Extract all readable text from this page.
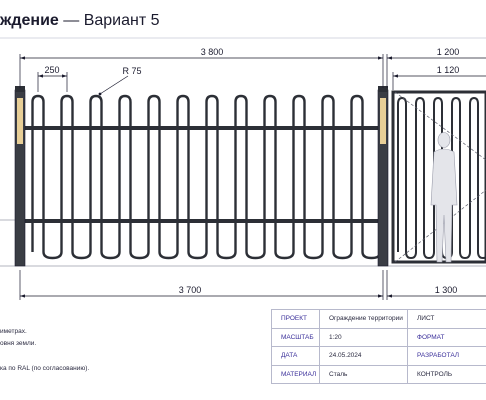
ждение — Вариант 5
3 800	1 200
1 120
250	R 75
3 700	1 300
иметрах.
овня земли.
ка по RAL (по согласованию).
ПРОЕКТ	Ограждение территории	ЛИСТ
МАСШТАБ	1:20	ФОРМАТ
ДАТА	24.05.2024	РАЗРАБОТАЛ
МАТЕРИАЛ	Сталь	КОНТРОЛЬ
